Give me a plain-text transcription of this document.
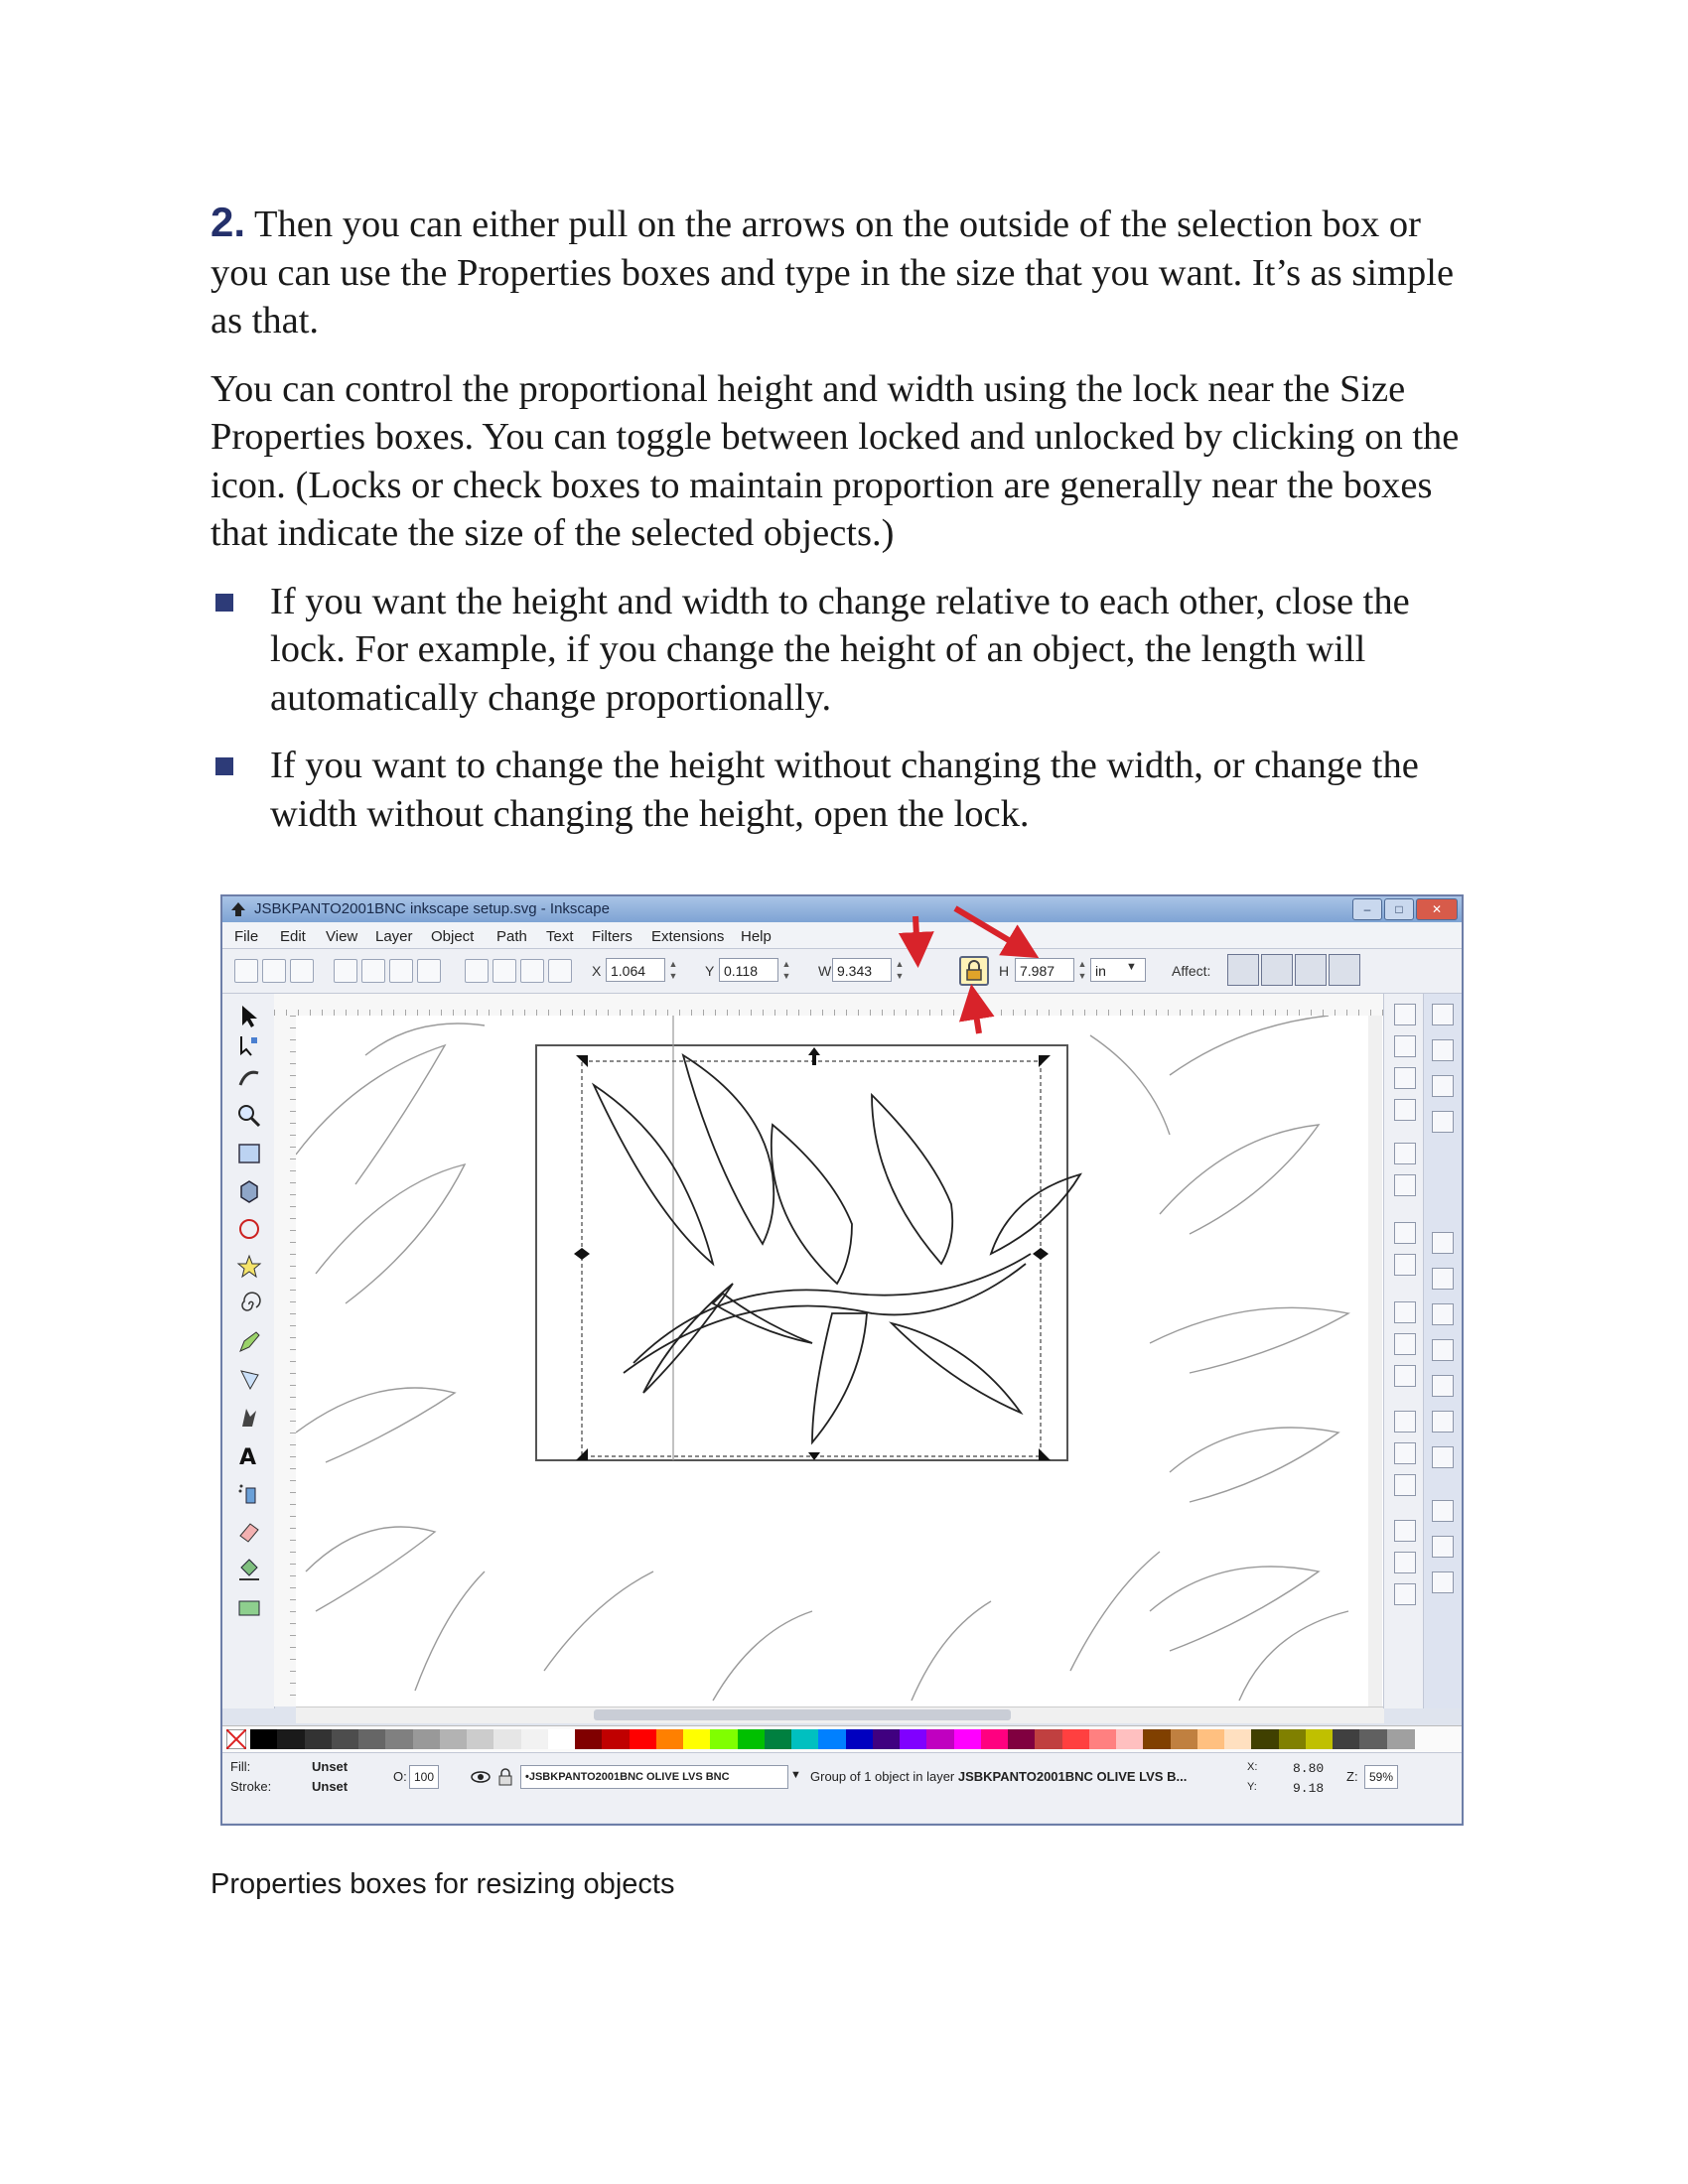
2. Then you can either pull on the arrows on the outside of the selection box or you can use the Properties boxes and type in the size that you want. It’s as simple as that.

You can control the proportional height and width using the lock near the Size Properties boxes. You can toggle between locked and unlocked by clicking on the icon. (Locks or check boxes to maintain proportion are generally near the boxes that indicate the size of the selected objects.)

If you want the height and width to change relative to each other, close the lock. For example, if you change the height of an object, the length will automatically change proportionally.
If you want to change the height without changing the width, or change the width without changing the height, open the lock.
JSBKPANTO2001BNC inkscape setup.svg - Inkscape	– □ ✕
File Edit View Layer Object Path Text Filters Extensions Help
X 1.064	▲
▼ Y 0.118	▲
▼ W 9.343	▲
▼	H 7.987	▲
▼ in	▼	Affect:
A
Fill:
Stroke:
Unset
Unset
O: 100	•JSBKPANTO2001BNC OLIVE LVS BNC	▼ Group of 1 object in layer JSBKPANTO2001BNC OLIVE LVS B...
X:
Y:
8.80
9.18
Z: 59%
Properties boxes for resizing objects
